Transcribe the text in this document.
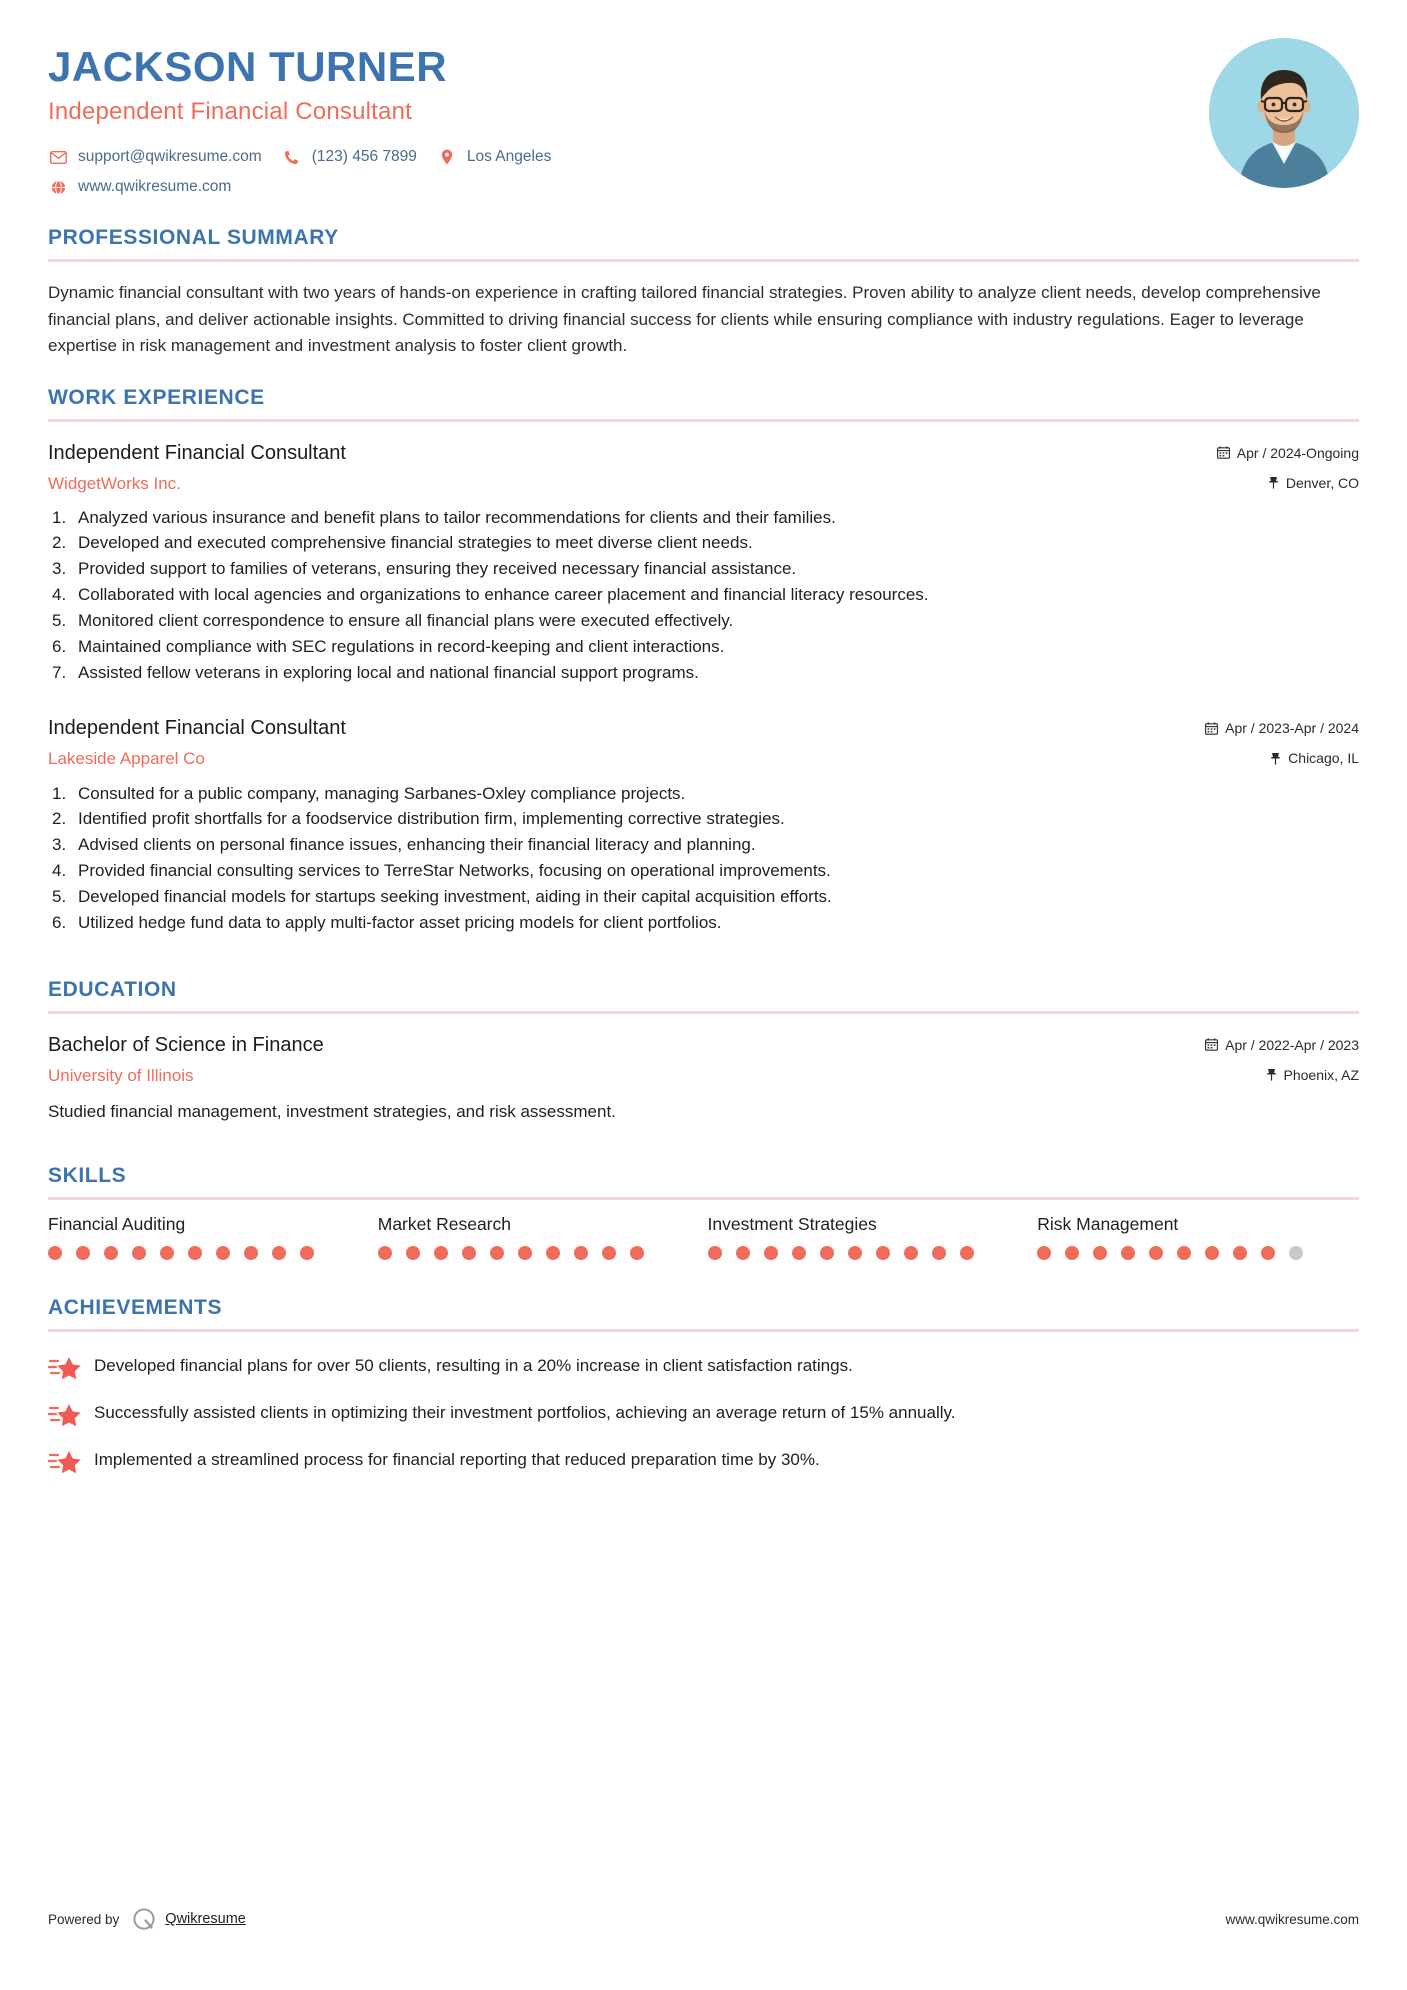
JACKSON TURNER
Independent Financial Consultant
support@qwikresume.com	(123) 456 7899	Los Angeles
www.qwikresume.com
PROFESSIONAL SUMMARY
Dynamic financial consultant with two years of hands-on experience in crafting tailored financial strategies. Proven ability to analyze client needs, develop comprehensive financial plans, and deliver actionable insights. Committed to driving financial success for clients while ensuring compliance with industry regulations. Eager to leverage expertise in risk management and investment analysis to foster client growth.
WORK EXPERIENCE
Independent Financial Consultant
WidgetWorks Inc.
Apr / 2024-Ongoing
Denver, CO
Analyzed various insurance and benefit plans to tailor recommendations for clients and their families.
Developed and executed comprehensive financial strategies to meet diverse client needs.
Provided support to families of veterans, ensuring they received necessary financial assistance.
Collaborated with local agencies and organizations to enhance career placement and financial literacy resources.
Monitored client correspondence to ensure all financial plans were executed effectively.
Maintained compliance with SEC regulations in record-keeping and client interactions.
Assisted fellow veterans in exploring local and national financial support programs.
Independent Financial Consultant
Lakeside Apparel Co
Apr / 2023-Apr / 2024
Chicago, IL
Consulted for a public company, managing Sarbanes-Oxley compliance projects.
Identified profit shortfalls for a foodservice distribution firm, implementing corrective strategies.
Advised clients on personal finance issues, enhancing their financial literacy and planning.
Provided financial consulting services to TerreStar Networks, focusing on operational improvements.
Developed financial models for startups seeking investment, aiding in their capital acquisition efforts.
Utilized hedge fund data to apply multi-factor asset pricing models for client portfolios.
EDUCATION
Bachelor of Science in Finance
University of Illinois
Apr / 2022-Apr / 2023
Phoenix, AZ
Studied financial management, investment strategies, and risk assessment.
SKILLS
Financial Auditing	Market Research	Investment Strategies	Risk Management
ACHIEVEMENTS
Developed financial plans for over 50 clients, resulting in a 20% increase in client satisfaction ratings.
Successfully assisted clients in optimizing their investment portfolios, achieving an average return of 15% annually.
Implemented a streamlined process for financial reporting that reduced preparation time by 30%.
Powered by	Qwikresume	www.qwikresume.com
